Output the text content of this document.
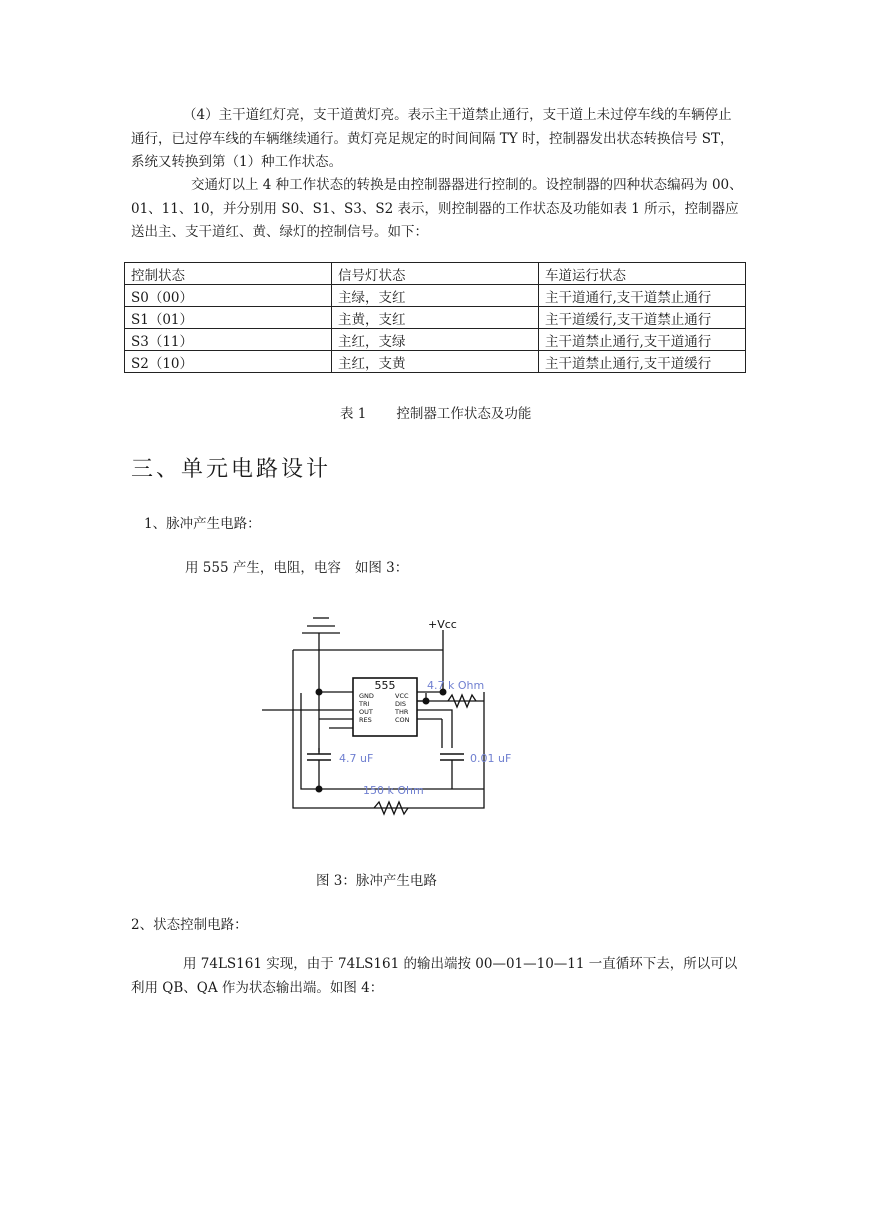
（4）主干道红灯亮，支干道黄灯亮。表示主干道禁止通行，支干道上未过停车线的车辆停止通行，已过停车线的车辆继续通行。黄灯亮足规定的时间间隔 TY 时，控制器发出状态转换信号 ST，系统又转换到第（1）种工作状态。

交通灯以上 4 种工作状态的转换是由控制器器进行控制的。设控制器的四种状态编码为 00、01、11、10，并分别用 S0、S1、S3、S2 表示，则控制器的工作状态及功能如表 1 所示，控制器应送出主、支干道红、黄、绿灯的控制信号。如下：

控制状态	信号灯状态	车道运行状态
S0（00）	主绿，支红	主干道通行,支干道禁止通行
S1（01）	主黄，支红	主干道缓行,支干道禁止通行
S3（11）	主红，支绿	主干道禁止通行,支干道通行
S2（10）	主红，支黄	主干道禁止通行,支干道缓行
表 1 控制器工作状态及功能
三、单元电路设计
1、脉冲产生电路：
用 555 产生，电阻，电容 如图 3：
+Vcc
555
GND
TRI
OUT
RES
VCC
DIS
THR
CON
4.7 k Ohm
4.7 uF	0.01 uF
150 k Ohm
图 3：脉冲产生电路
2、状态控制电路：

用 74LS161 实现，由于 74LS161 的输出端按 00—01—10—11 一直循环下去，所以可以利用 QB、QA 作为状态输出端。如图 4：
